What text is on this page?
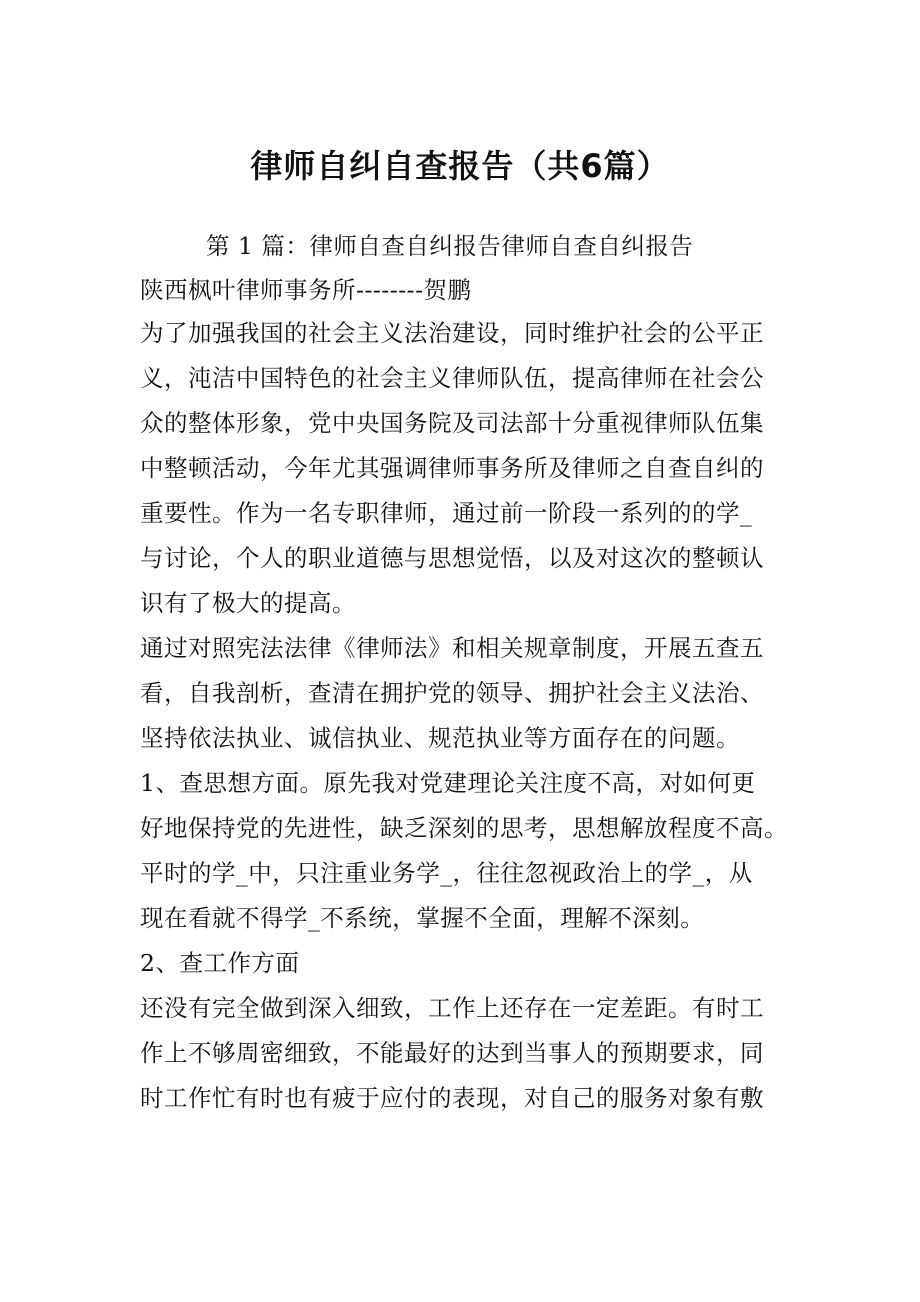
律师自纠自查报告（共6篇）
第 1 篇：律师自查自纠报告律师自查自纠报告
陕西枫叶律师事务所--------贺鹏
为了加强我国的社会主义法治建设，同时维护社会的公平正
义，沌洁中国特色的社会主义律师队伍，提高律师在社会公
众的整体形象，党中央国务院及司法部十分重视律师队伍集
中整顿活动，今年尤其强调律师事务所及律师之自查自纠的
重要性。作为一名专职律师，通过前一阶段一系列的的学_
与讨论，个人的职业道德与思想觉悟，以及对这次的整顿认
识有了极大的提高。
通过对照宪法法律《律师法》和相关规章制度，开展五查五
看，自我剖析，查清在拥护党的领导、拥护社会主义法治、
坚持依法执业、诚信执业、规范执业等方面存在的问题。
1、查思想方面。原先我对党建理论关注度不高，对如何更
好地保持党的先进性，缺乏深刻的思考，思想解放程度不高。
平时的学_中，只注重业务学_，往往忽视政治上的学_，从
现在看就不得学_不系统，掌握不全面，理解不深刻。
2、查工作方面
还没有完全做到深入细致，工作上还存在一定差距。有时工
作上不够周密细致，不能最好的达到当事人的预期要求，同
时工作忙有时也有疲于应付的表现，对自己的服务对象有敷
